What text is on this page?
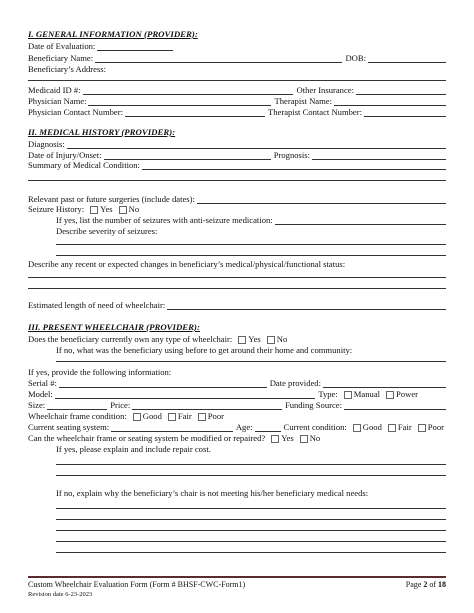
I. GENERAL INFORMATION (PROVIDER):
Date of Evaluation:
Beneficiary Name:	DOB:
Beneficiary’s Address:
Medicaid ID #:	Other Insurance:
Physician Name:	Therapist Name:
Physician Contact Number:	Therapist Contact Number:
II. MEDICAL HISTORY (PROVIDER):
Diagnosis:
Date of Injury/Onset:	Prognosis:
Summary of Medical Condition:
Relevant past or future surgeries (include dates):
Seizure History: Yes No
If yes, list the number of seizures with anti-seizure medication:
Describe severity of seizures:
Describe any recent or expected changes in beneficiary’s medical/physical/functional status:
Estimated length of need of wheelchair:
III. PRESENT WHEELCHAIR (PROVIDER):
Does the beneficiary currently own any type of wheelchair: Yes No
If no, what was the beneficiary using before to get around their home and community:
If yes, provide the following information:
Serial #:	Date provided:
Model:	Type: Manual Power
Size:	Price:	Funding Source:
Wheelchair frame condition: Good Fair Poor
Current seating system:	Age:	Current condition: Good Fair Poor
Can the wheelchair frame or seating system be modified or repaired? Yes No
If yes, please explain and include repair cost.
If no, explain why the beneficiary’s chair is not meeting his/her beneficiary medical needs:
Custom Wheelchair Evaluation Form (Form # BHSF-CWC-Form1)
Revision date 6-23-2023
Page 2 of 18
